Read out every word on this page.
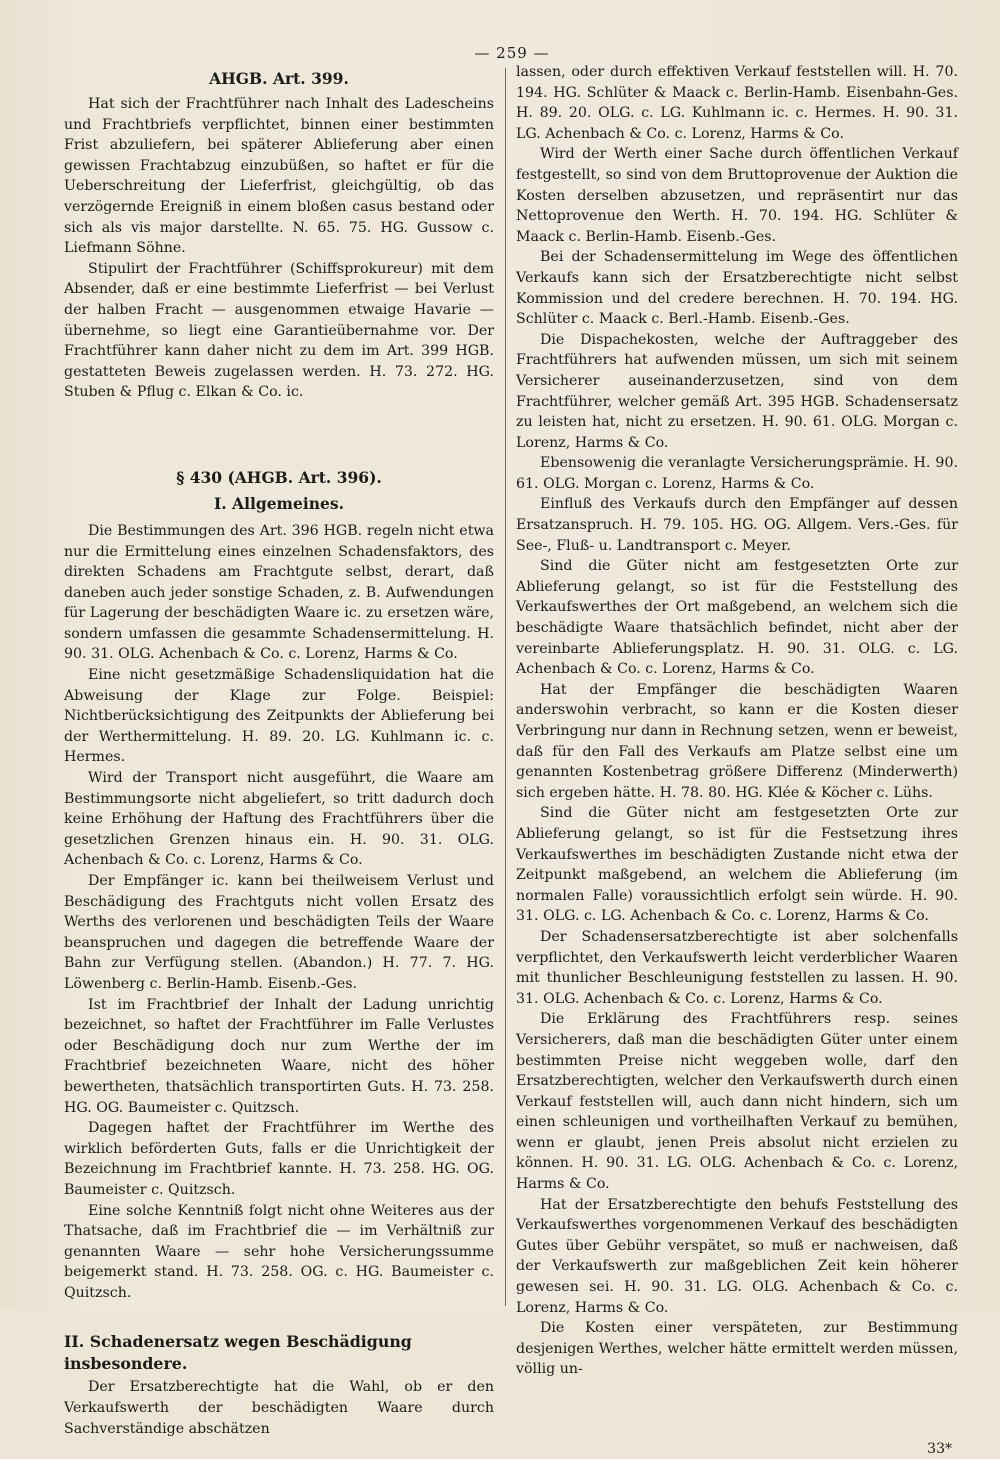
— 259 —
AHGB. Art. 399.

Hat sich der Frachtführer nach Inhalt des Ladescheins und Frachtbriefs verpflichtet, binnen einer bestimmten Frist abzuliefern, bei späterer Ablieferung aber einen gewissen Frachtabzug einzubüßen, so haftet er für die Ueberschreitung der Lieferfrist, gleichgültig, ob das verzögernde Ereigniß in einem bloßen casus bestand oder sich als vis major darstellte. N. 65. 75. HG. Gussow c. Liefmann Söhne.

Stipulirt der Frachtführer (Schiffsprokureur) mit dem Absender, daß er eine bestimmte Lieferfrist — bei Verlust der halben Fracht — ausgenommen etwaige Havarie — übernehme, so liegt eine Garantieübernahme vor. Der Frachtführer kann daher nicht zu dem im Art. 399 HGB. gestatteten Beweis zugelassen werden. H. 73. 272. HG. Stuben & Pflug c. Elkan & Co. ic.

§ 430 (AHGB. Art. 396).
I. Allgemeines.

Die Bestimmungen des Art. 396 HGB. regeln nicht etwa nur die Ermittelung eines einzelnen Schadensfaktors, des direkten Schadens am Frachtgute selbst, derart, daß daneben auch jeder sonstige Schaden, z. B. Aufwendungen für Lagerung der beschädigten Waare ic. zu ersetzen wäre, sondern umfassen die gesammte Schadensermittelung. H. 90. 31. OLG. Achenbach & Co. c. Lorenz, Harms & Co.

Eine nicht gesetzmäßige Schadensliquidation hat die Abweisung der Klage zur Folge. Beispiel: Nichtberücksichtigung des Zeitpunkts der Ablieferung bei der Werthermittelung. H. 89. 20. LG. Kuhlmann ic. c. Hermes.

Wird der Transport nicht ausgeführt, die Waare am Bestimmungsorte nicht abgeliefert, so tritt dadurch doch keine Erhöhung der Haftung des Frachtführers über die gesetzlichen Grenzen hinaus ein. H. 90. 31. OLG. Achenbach & Co. c. Lorenz, Harms & Co.

Der Empfänger ic. kann bei theilweisem Verlust und Beschädigung des Frachtguts nicht vollen Ersatz des Werths des verlorenen und beschädigten Teils der Waare beanspruchen und dagegen die betreffende Waare der Bahn zur Verfügung stellen. (Abandon.) H. 77. 7. HG. Löwenberg c. Berlin-Hamb. Eisenb.-Ges.

Ist im Frachtbrief der Inhalt der Ladung unrichtig bezeichnet, so haftet der Frachtführer im Falle Verlustes oder Beschädigung doch nur zum Werthe der im Frachtbrief bezeichneten Waare, nicht des höher bewertheten, thatsächlich transportirten Guts. H. 73. 258. HG. OG. Baumeister c. Quitzsch.

Dagegen haftet der Frachtführer im Werthe des wirklich beförderten Guts, falls er die Unrichtigkeit der Bezeichnung im Frachtbrief kannte. H. 73. 258. HG. OG. Baumeister c. Quitzsch.

Eine solche Kenntniß folgt nicht ohne Weiteres aus der Thatsache, daß im Frachtbrief die — im Verhältniß zur genannten Waare — sehr hohe Versicherungssumme beigemerkt stand. H. 73. 258. OG. c. HG. Baumeister c. Quitzsch.

II. Schadenersatz wegen Beschädigung insbesondere.

Der Ersatzberechtigte hat die Wahl, ob er den Verkaufswerth der beschädigten Waare durch Sachverständige abschätzen

lassen, oder durch effektiven Verkauf feststellen will. H. 70. 194. HG. Schlüter & Maack c. Berlin-Hamb. Eisenbahn-Ges. H. 89. 20. OLG. c. LG. Kuhlmann ic. c. Hermes. H. 90. 31. LG. Achenbach & Co. c. Lorenz, Harms & Co.

Wird der Werth einer Sache durch öffentlichen Verkauf festgestellt, so sind von dem Bruttoprovenue der Auktion die Kosten derselben abzusetzen, und repräsentirt nur das Nettoprovenue den Werth. H. 70. 194. HG. Schlüter & Maack c. Berlin-Hamb. Eisenb.-Ges.

Bei der Schadensermittelung im Wege des öffentlichen Verkaufs kann sich der Ersatzberechtigte nicht selbst Kommission und del credere berechnen. H. 70. 194. HG. Schlüter c. Maack c. Berl.-Hamb. Eisenb.-Ges.

Die Dispachekosten, welche der Auftraggeber des Frachtführers hat aufwenden müssen, um sich mit seinem Versicherer auseinanderzusetzen, sind von dem Frachtführer, welcher gemäß Art. 395 HGB. Schadensersatz zu leisten hat, nicht zu ersetzen. H. 90. 61. OLG. Morgan c. Lorenz, Harms & Co.

Ebensowenig die veranlagte Versicherungsprämie. H. 90. 61. OLG. Morgan c. Lorenz, Harms & Co.

Einfluß des Verkaufs durch den Empfänger auf dessen Ersatzanspruch. H. 79. 105. HG. OG. Allgem. Vers.-Ges. für See-, Fluß- u. Landtransport c. Meyer.

Sind die Güter nicht am festgesetzten Orte zur Ablieferung gelangt, so ist für die Feststellung des Verkaufswerthes der Ort maßgebend, an welchem sich die beschädigte Waare thatsächlich befindet, nicht aber der vereinbarte Ablieferungsplatz. H. 90. 31. OLG. c. LG. Achenbach & Co. c. Lorenz, Harms & Co.

Hat der Empfänger die beschädigten Waaren anderswohin verbracht, so kann er die Kosten dieser Verbringung nur dann in Rechnung setzen, wenn er beweist, daß für den Fall des Verkaufs am Platze selbst eine um genannten Kostenbetrag größere Differenz (Minderwerth) sich ergeben hätte. H. 78. 80. HG. Klée & Köcher c. Lühs.

Sind die Güter nicht am festgesetzten Orte zur Ablieferung gelangt, so ist für die Festsetzung ihres Verkaufswerthes im beschädigten Zustande nicht etwa der Zeitpunkt maßgebend, an welchem die Ablieferung (im normalen Falle) voraussichtlich erfolgt sein würde. H. 90. 31. OLG. c. LG. Achenbach & Co. c. Lorenz, Harms & Co.

Der Schadensersatzberechtigte ist aber solchenfalls verpflichtet, den Verkaufswerth leicht verderblicher Waaren mit thunlicher Beschleunigung feststellen zu lassen. H. 90. 31. OLG. Achenbach & Co. c. Lorenz, Harms & Co.

Die Erklärung des Frachtführers resp. seines Versicherers, daß man die beschädigten Güter unter einem bestimmten Preise nicht weggeben wolle, darf den Ersatzberechtigten, welcher den Verkaufswerth durch einen Verkauf feststellen will, auch dann nicht hindern, sich um einen schleunigen und vortheilhaften Verkauf zu bemühen, wenn er glaubt, jenen Preis absolut nicht erzielen zu können. H. 90. 31. LG. OLG. Achenbach & Co. c. Lorenz, Harms & Co.

Hat der Ersatzberechtigte den behufs Feststellung des Verkaufswerthes vorgenommenen Verkauf des beschädigten Gutes über Gebühr verspätet, so muß er nachweisen, daß der Verkaufswerth zur maßgeblichen Zeit kein höherer gewesen sei. H. 90. 31. LG. OLG. Achenbach & Co. c. Lorenz, Harms & Co.

Die Kosten einer verspäteten, zur Bestimmung desjenigen Werthes, welcher hätte ermittelt werden müssen, völlig un-

33*
